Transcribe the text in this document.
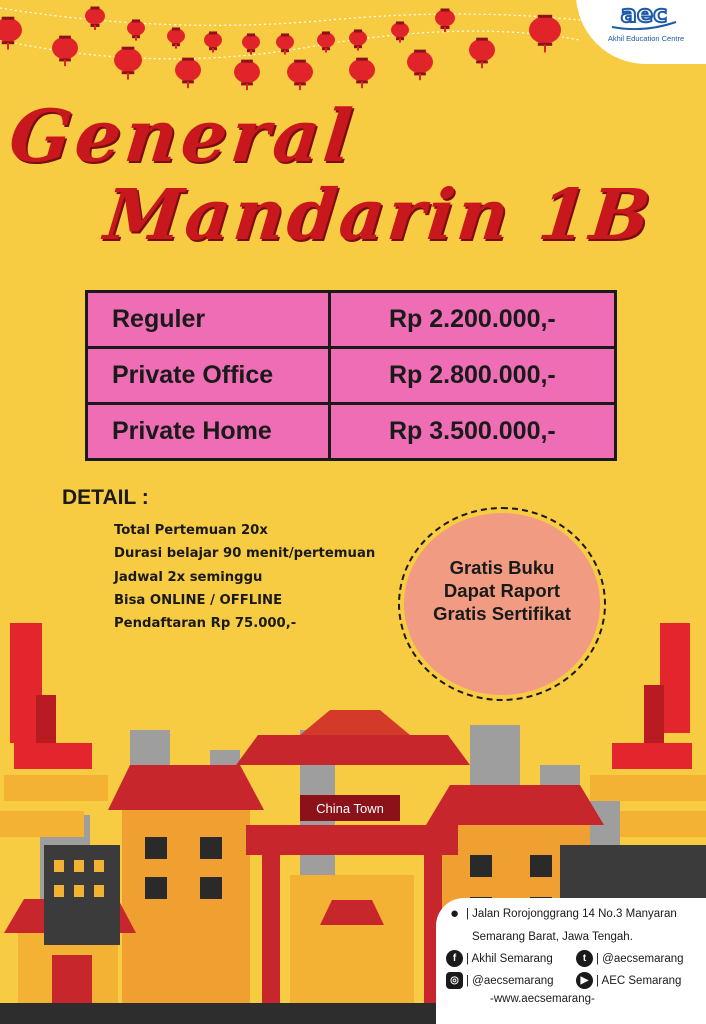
aec
Akhil Education Centre
General
Mandarin 1B
Reguler	Rp 2.200.000,-
Private Office	Rp 2.800.000,-
Private Home	Rp 3.500.000,-
DETAIL :
Total Pertemuan 20x
Durasi belajar 90 menit/pertemuan
Jadwal 2x seminggu
Bisa ONLINE / OFFLINE
Pendaftaran Rp 75.000,-
Gratis Buku
Dapat Raport
Gratis Sertifikat
China Town
● | Jalan Rorojonggrang 14 No.3 Manyaran
Semarang Barat, Jawa Tengah.
f | Akhil Semarang	t | @aecsemarang
◎ | @aecsemarang	▶ | AEC Semarang
-www.aecsemarang-
